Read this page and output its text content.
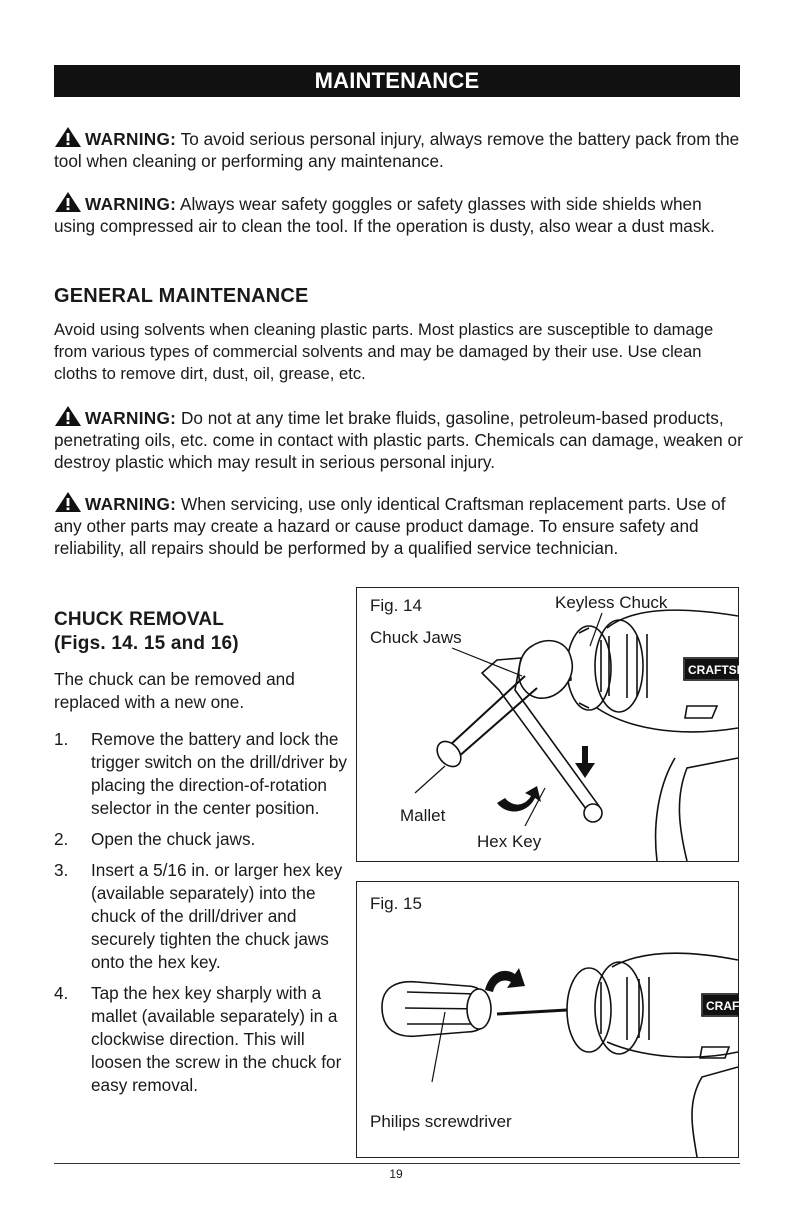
MAINTENANCE

WARNING: To avoid serious personal injury, always remove the battery pack from the tool when cleaning or performing any maintenance.

WARNING: Always wear safety goggles or safety glasses with side shields when using compressed air to clean the tool. If the operation is dusty, also wear a dust mask.

GENERAL MAINTENANCE

Avoid using solvents when cleaning plastic parts. Most plastics are susceptible to damage from various types of commercial solvents and may be damaged by their use. Use clean cloths to remove dirt, dust, oil, grease, etc.

WARNING: Do not at any time let brake fluids, gasoline, petroleum-based products, penetrating oils, etc. come in contact with plastic parts. Chemicals can damage, weaken or destroy plastic which may result in serious personal injury.

WARNING: When servicing, use only identical Craftsman replacement parts. Use of any other parts may create a hazard or cause product damage. To ensure safety and reliability, all repairs should be performed by a qualified service technician.

CHUCK REMOVAL
(Figs. 14. 15 and 16)

The chuck can be removed and replaced with a new one.

1. Remove the battery and lock the trigger switch on the drill/driver by placing the direction-of-rotation selector in the center position.
2. Open the chuck jaws.
3. Insert a 5/16 in. or larger hex key (available separately) into the chuck of the drill/driver and securely tighten the chuck jaws onto the hex key.
4. Tap the hex key sharply with a mallet (available separately) in a clockwise direction. This will loosen the screw in the chuck for easy removal.
CRAFTSM
Fig. 14	Keyless Chuck
Chuck Jaws
Mallet
Hex Key
CRAFT
Fig. 15
Philips screwdriver
19
